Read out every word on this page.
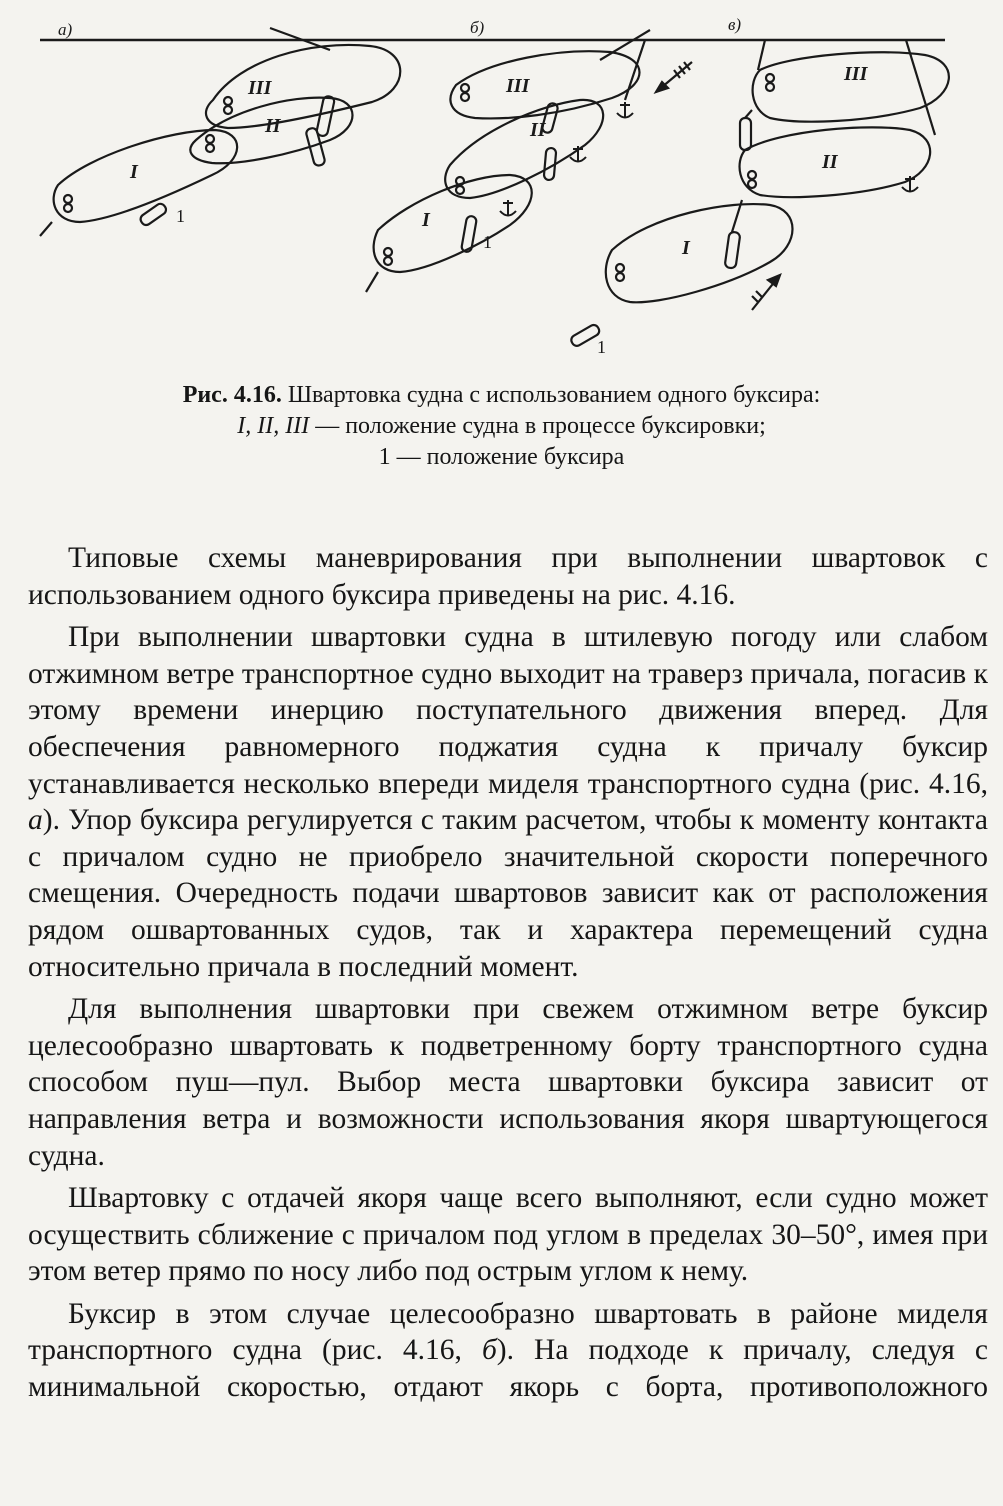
а)	б)	в)
III
II
I
1
III
II
I
1
III
II
I
1
Рис. 4.16. Швартовка судна с использованием одного буксира:
I, II, III — положение судна в процессе буксировки;
1 — положение буксира

Типовые схемы маневрирования при выполнении швартовок с использованием одного буксира приведены на рис. 4.16.

При выполнении швартовки судна в штилевую погоду или слабом отжимном ветре транспортное судно выходит на траверз причала, погасив к этому времени инерцию поступательного движения вперед. Для обеспечения равномерного поджатия судна к причалу буксир устанавливается несколько впереди миделя транспортного судна (рис. 4.16, а). Упор буксира регулируется с таким расчетом, чтобы к моменту контакта с причалом судно не приобрело значительной скорости поперечного смещения. Очередность подачи швартовов зависит как от расположения рядом ошвартованных судов, так и характера перемещений судна относительно причала в последний момент.

Для выполнения швартовки при свежем отжимном ветре буксир целесообразно швартовать к подветренному борту транспортного судна способом пуш—пул. Выбор места швартовки буксира зависит от направления ветра и возможности использования якоря швартующегося судна.

Швартовку с отдачей якоря чаще всего выполняют, если судно может осуществить сближение с причалом под углом в пределах 30–50°, имея при этом ветер прямо по носу либо под острым углом к нему.

Буксир в этом случае целесообразно швартовать в районе миделя транспортного судна (рис. 4.16, б). На подходе к причалу, следуя с минимальной скоростью, отдают якорь с борта, противоположного
